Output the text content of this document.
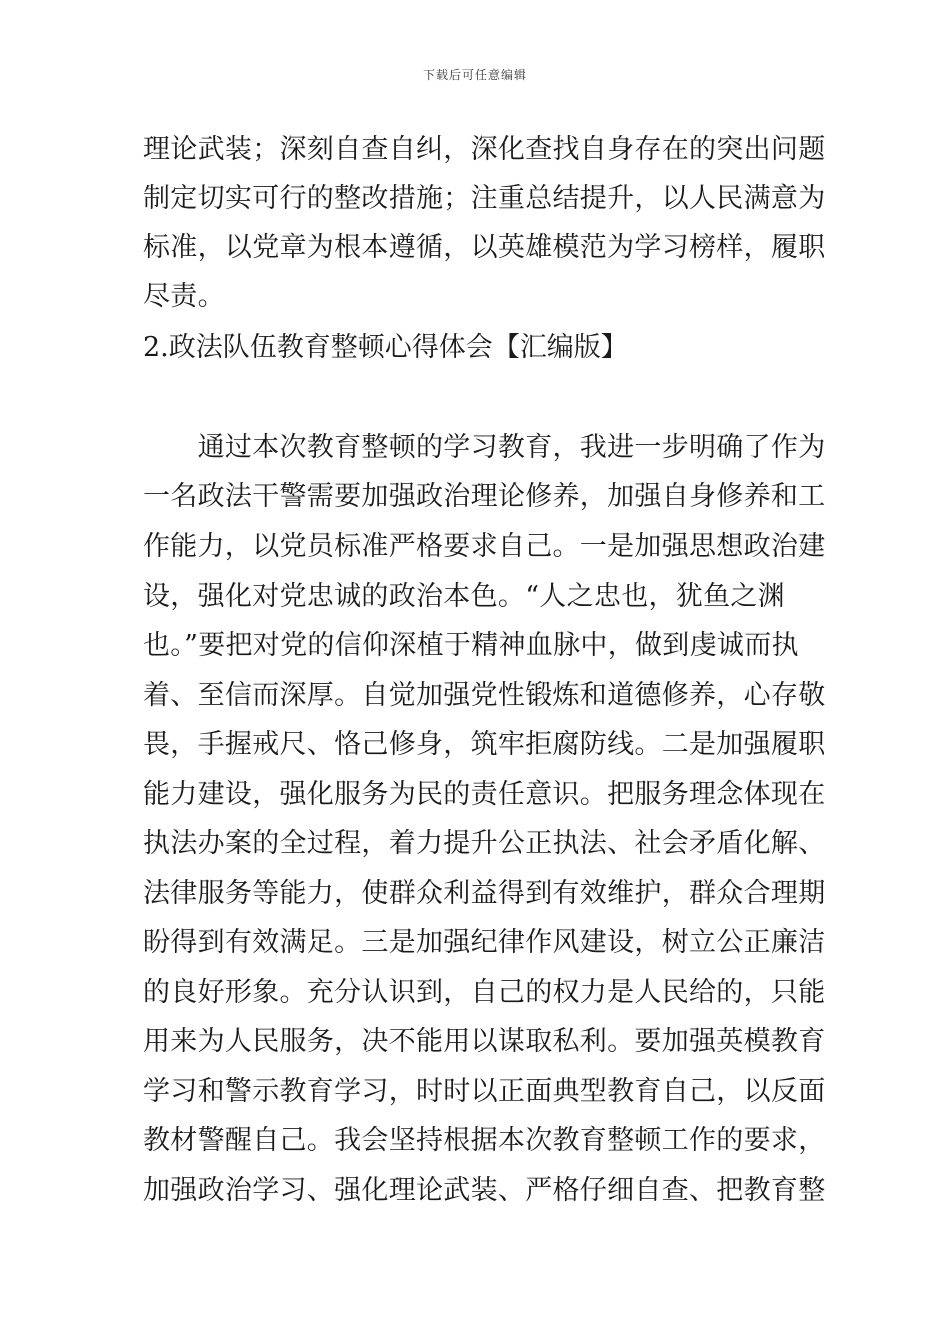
下载后可任意编辑
理论武装；深刻自查自纠，深化查找自身存在的突出问题
制定切实可行的整改措施；注重总结提升，以人民满意为
标准，以党章为根本遵循，以英雄模范为学习榜样，履职
尽责。
2.政法队伍教育整顿心得体会【汇编版】
　　通过本次教育整顿的学习教育，我进一步明确了作为
一名政法干警需要加强政治理论修养，加强自身修养和工
作能力，以党员标准严格要求自己。一是加强思想政治建
设，强化对党忠诚的政治本色。“人之忠也，犹鱼之渊
也。”要把对党的信仰深植于精神血脉中，做到虔诚而执
着、至信而深厚。自觉加强党性锻炼和道德修养，心存敬
畏，手握戒尺、恪己修身，筑牢拒腐防线。二是加强履职
能力建设，强化服务为民的责任意识。把服务理念体现在
执法办案的全过程，着力提升公正执法、社会矛盾化解、
法律服务等能力，使群众利益得到有效维护，群众合理期
盼得到有效满足。三是加强纪律作风建设，树立公正廉洁
的良好形象。充分认识到，自己的权力是人民给的，只能
用来为人民服务，决不能用以谋取私利。要加强英模教育
学习和警示教育学习，时时以正面典型教育自己，以反面
教材警醒自己。我会坚持根据本次教育整顿工作的要求，
加强政治学习、强化理论武装、严格仔细自查、把教育整
